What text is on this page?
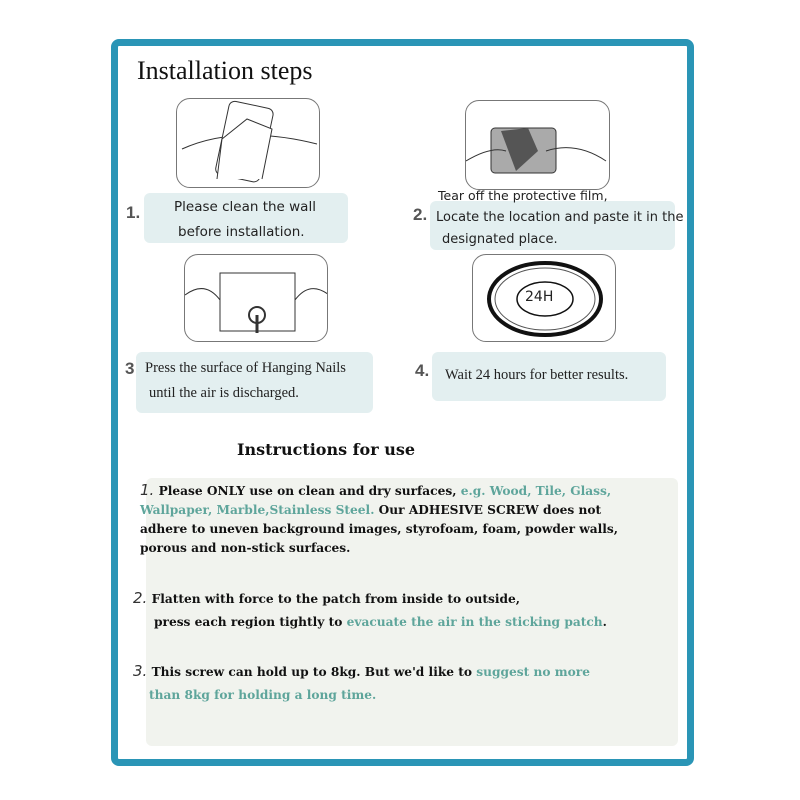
Installation steps
1.	Please clean the wall
before installation.
2.
Tear off the protective film,
Locate the location and paste it in the
designated place.
3 Press the surface of Hanging Nails
until the air is discharged.
24H
4. Wait 24 hours for better results.
Instructions for use
1. Please ONLY use on clean and dry surfaces, e.g. Wood, Tile, Glass, Wallpaper, Marble,Stainless Steel. Our ADHESIVE SCREW does not adhere to uneven background images, styrofoam, foam, powder walls, porous and non-stick surfaces.
2. Flatten with force to the patch from inside to outside,
press each region tightly to evacuate the air in the sticking patch.
3. This screw can hold up to 8kg. But we'd like to suggest no more
than 8kg for holding a long time.
